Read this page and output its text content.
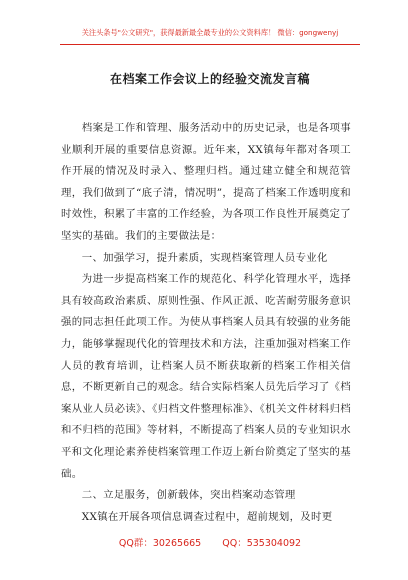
关注头条号"公文研究"，获得最新最全最专业的公文资料库！ 微信：gongwenyj
在档案工作会议上的经验交流发言稿

档案是工作和管理、服务活动中的历史记录，也是各项事业顺利开展的重要信息资源。近年来，XX镇每年都对各项工作开展的情况及时录入、整理归档。通过建立健全和规范管理，我们做到了“底子清，情况明”，提高了档案工作透明度和时效性，积累了丰富的工作经验，为各项工作良性开展奠定了坚实的基础。我们的主要做法是：

一、加强学习，提升素质，实现档案管理人员专业化

为进一步提高档案工作的规范化、科学化管理水平，选择具有较高政治素质、原则性强、作风正派、吃苦耐劳服务意识强的同志担任此项工作。为使从事档案人员具有较强的业务能力，能够掌握现代化的管理技术和方法，注重加强对档案工作人员的教育培训，让档案人员不断获取新的档案工作相关信息，不断更新自己的观念。结合实际档案人员先后学习了《档案从业人员必读》、《归档文件整理标准》、《机关文件材料归档和不归档的范围》等材料，不断提高了档案人员的专业知识水平和文化理论素养使档案管理工作迈上新台阶奠定了坚实的基础。

二、立足服务，创新载体，突出档案动态管理

XX镇在开展各项信息调查过程中，超前规划，及时更

QQ群：30265665 QQ：535304092
